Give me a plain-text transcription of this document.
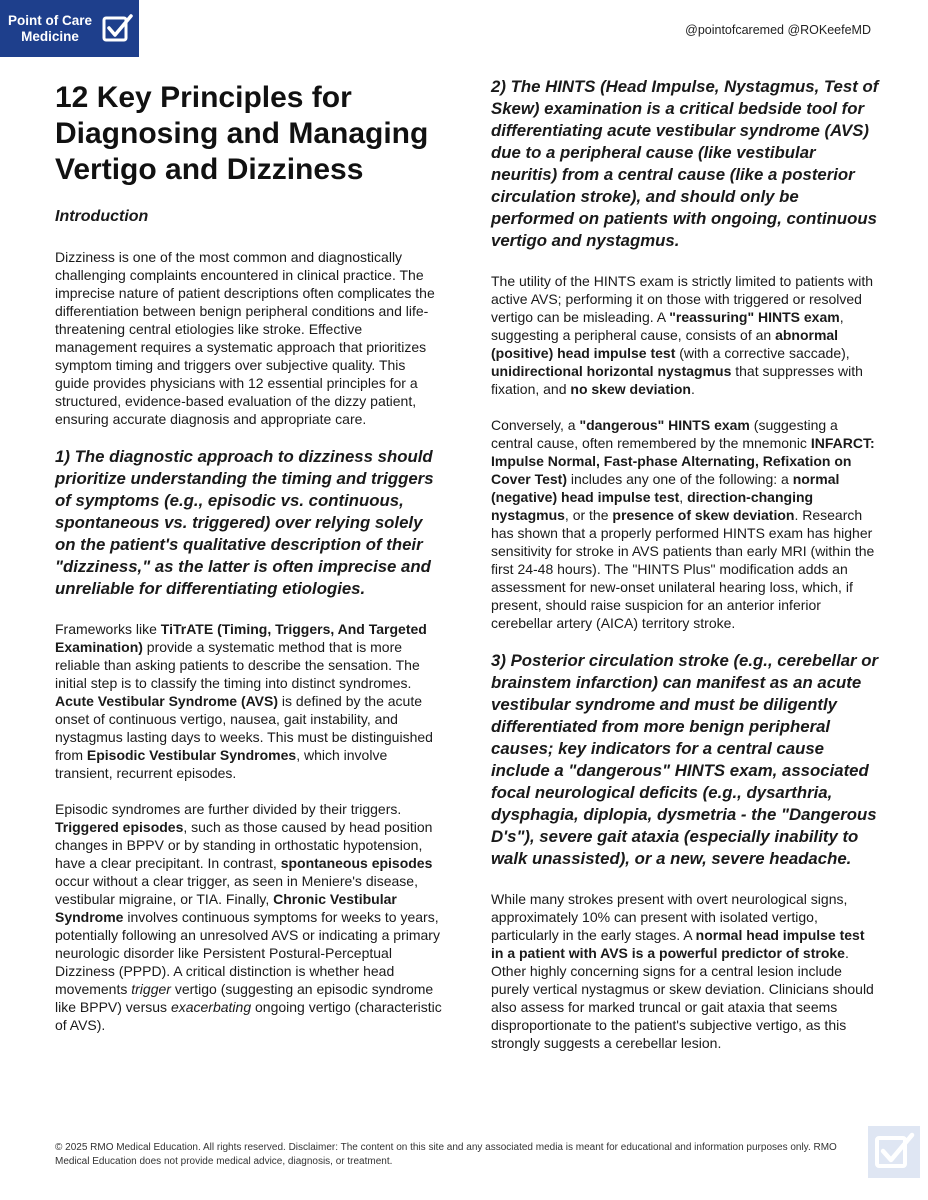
Point of Care Medicine	@pointofcaremed @ROKeefeMD
12 Key Principles for Diagnosing and Managing Vertigo and Dizziness
Introduction

Dizziness is one of the most common and diagnostically challenging complaints encountered in clinical practice. The imprecise nature of patient descriptions often complicates the differentiation between benign peripheral conditions and life-threatening central etiologies like stroke. Effective management requires a systematic approach that prioritizes symptom timing and triggers over subjective quality. This guide provides physicians with 12 essential principles for a structured, evidence-based evaluation of the dizzy patient, ensuring accurate diagnosis and appropriate care.

1) The diagnostic approach to dizziness should prioritize understanding the timing and triggers of symptoms (e.g., episodic vs. continuous, spontaneous vs. triggered) over relying solely on the patient's qualitative description of their "dizziness," as the latter is often imprecise and unreliable for differentiating etiologies.

Frameworks like TiTrATE (Timing, Triggers, And Targeted Examination) provide a systematic method that is more reliable than asking patients to describe the sensation. The initial step is to classify the timing into distinct syndromes. Acute Vestibular Syndrome (AVS) is defined by the acute onset of continuous vertigo, nausea, gait instability, and nystagmus lasting days to weeks. This must be distinguished from Episodic Vestibular Syndromes, which involve transient, recurrent episodes.

Episodic syndromes are further divided by their triggers. Triggered episodes, such as those caused by head position changes in BPPV or by standing in orthostatic hypotension, have a clear precipitant. In contrast, spontaneous episodes occur without a clear trigger, as seen in Meniere's disease, vestibular migraine, or TIA. Finally, Chronic Vestibular Syndrome involves continuous symptoms for weeks to years, potentially following an unresolved AVS or indicating a primary neurologic disorder like Persistent Postural-Perceptual Dizziness (PPPD). A critical distinction is whether head movements trigger vertigo (suggesting an episodic syndrome like BPPV) versus exacerbating ongoing vertigo (characteristic of AVS).

2) The HINTS (Head Impulse, Nystagmus, Test of Skew) examination is a critical bedside tool for differentiating acute vestibular syndrome (AVS) due to a peripheral cause (like vestibular neuritis) from a central cause (like a posterior circulation stroke), and should only be performed on patients with ongoing, continuous vertigo and nystagmus.

The utility of the HINTS exam is strictly limited to patients with active AVS; performing it on those with triggered or resolved vertigo can be misleading. A "reassuring" HINTS exam, suggesting a peripheral cause, consists of an abnormal (positive) head impulse test (with a corrective saccade), unidirectional horizontal nystagmus that suppresses with fixation, and no skew deviation.

Conversely, a "dangerous" HINTS exam (suggesting a central cause, often remembered by the mnemonic INFARCT: Impulse Normal, Fast-phase Alternating, Refixation on Cover Test) includes any one of the following: a normal (negative) head impulse test, direction-changing nystagmus, or the presence of skew deviation. Research has shown that a properly performed HINTS exam has higher sensitivity for stroke in AVS patients than early MRI (within the first 24-48 hours). The "HINTS Plus" modification adds an assessment for new-onset unilateral hearing loss, which, if present, should raise suspicion for an anterior inferior cerebellar artery (AICA) territory stroke.

3) Posterior circulation stroke (e.g., cerebellar or brainstem infarction) can manifest as an acute vestibular syndrome and must be diligently differentiated from more benign peripheral causes; key indicators for a central cause include a "dangerous" HINTS exam, associated focal neurological deficits (e.g., dysarthria, dysphagia, diplopia, dysmetria - the "Dangerous D's"), severe gait ataxia (especially inability to walk unassisted), or a new, severe headache.

While many strokes present with overt neurological signs, approximately 10% can present with isolated vertigo, particularly in the early stages. A normal head impulse test in a patient with AVS is a powerful predictor of stroke. Other highly concerning signs for a central lesion include purely vertical nystagmus or skew deviation. Clinicians should also assess for marked truncal or gait ataxia that seems disproportionate to the patient's subjective vertigo, as this strongly suggests a cerebellar lesion.

© 2025 RMO Medical Education. All rights reserved. Disclaimer: The content on this site and any associated media is meant for educational and information purposes only. RMO Medical Education does not provide medical advice, diagnosis, or treatment.
